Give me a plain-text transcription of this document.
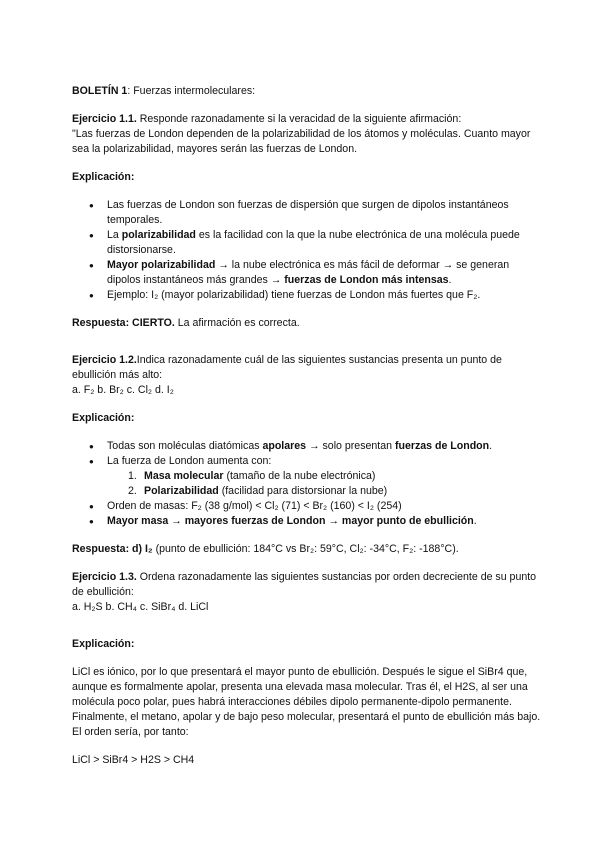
BOLETÍN 1: Fuerzas intermoleculares:

Ejercicio 1.1. Responde razonadamente si la veracidad de la siguiente afirmación:

"Las fuerzas de London dependen de la polarizabilidad de los átomos y moléculas. Cuanto mayor sea la polarizabilidad, mayores serán las fuerzas de London.

Explicación:

● Las fuerzas de London son fuerzas de dispersión que surgen de dipolos instantáneos temporales.
● La polarizabilidad es la facilidad con la que la nube electrónica de una molécula puede distorsionarse.
● Mayor polarizabilidad → la nube electrónica es más fácil de deformar → se generan dipolos instantáneos más grandes → fuerzas de London más intensas.
● Ejemplo: I₂ (mayor polarizabilidad) tiene fuerzas de London más fuertes que F₂.

Respuesta: CIERTO. La afirmación es correcta.

Ejercicio 1.2.Indica razonadamente cuál de las siguientes sustancias presenta un punto de ebullición más alto:

a. F₂ b. Br₂ c. Cl₂ d. I₂

Explicación:

● Todas son moléculas diatómicas apolares → solo presentan fuerzas de London.
● La fuerza de London aumenta con:
1. Masa molecular (tamaño de la nube electrónica)
2. Polarizabilidad (facilidad para distorsionar la nube)
● Orden de masas: F₂ (38 g/mol) < Cl₂ (71) < Br₂ (160) < I₂ (254)
● Mayor masa → mayores fuerzas de London → mayor punto de ebullición.

Respuesta: d) I₂ (punto de ebullición: 184°C vs Br₂: 59°C, Cl₂: -34°C, F₂: -188°C).

Ejercicio 1.3. Ordena razonadamente las siguientes sustancias por orden decreciente de su punto de ebullición:

a. H₂S b. CH₄ c. SiBr₄ d. LiCl

Explicación:

LiCl es iónico, por lo que presentará el mayor punto de ebullición. Después le sigue el SiBr4 que, aunque es formalmente apolar, presenta una elevada masa molecular. Tras él, el H2S, al ser una molécula poco polar, pues habrá interacciones débiles dipolo permanente-dipolo permanente. Finalmente, el metano, apolar y de bajo peso molecular, presentará el punto de ebullición más bajo. El orden sería, por tanto:

LiCl > SiBr4 > H2S > CH4
